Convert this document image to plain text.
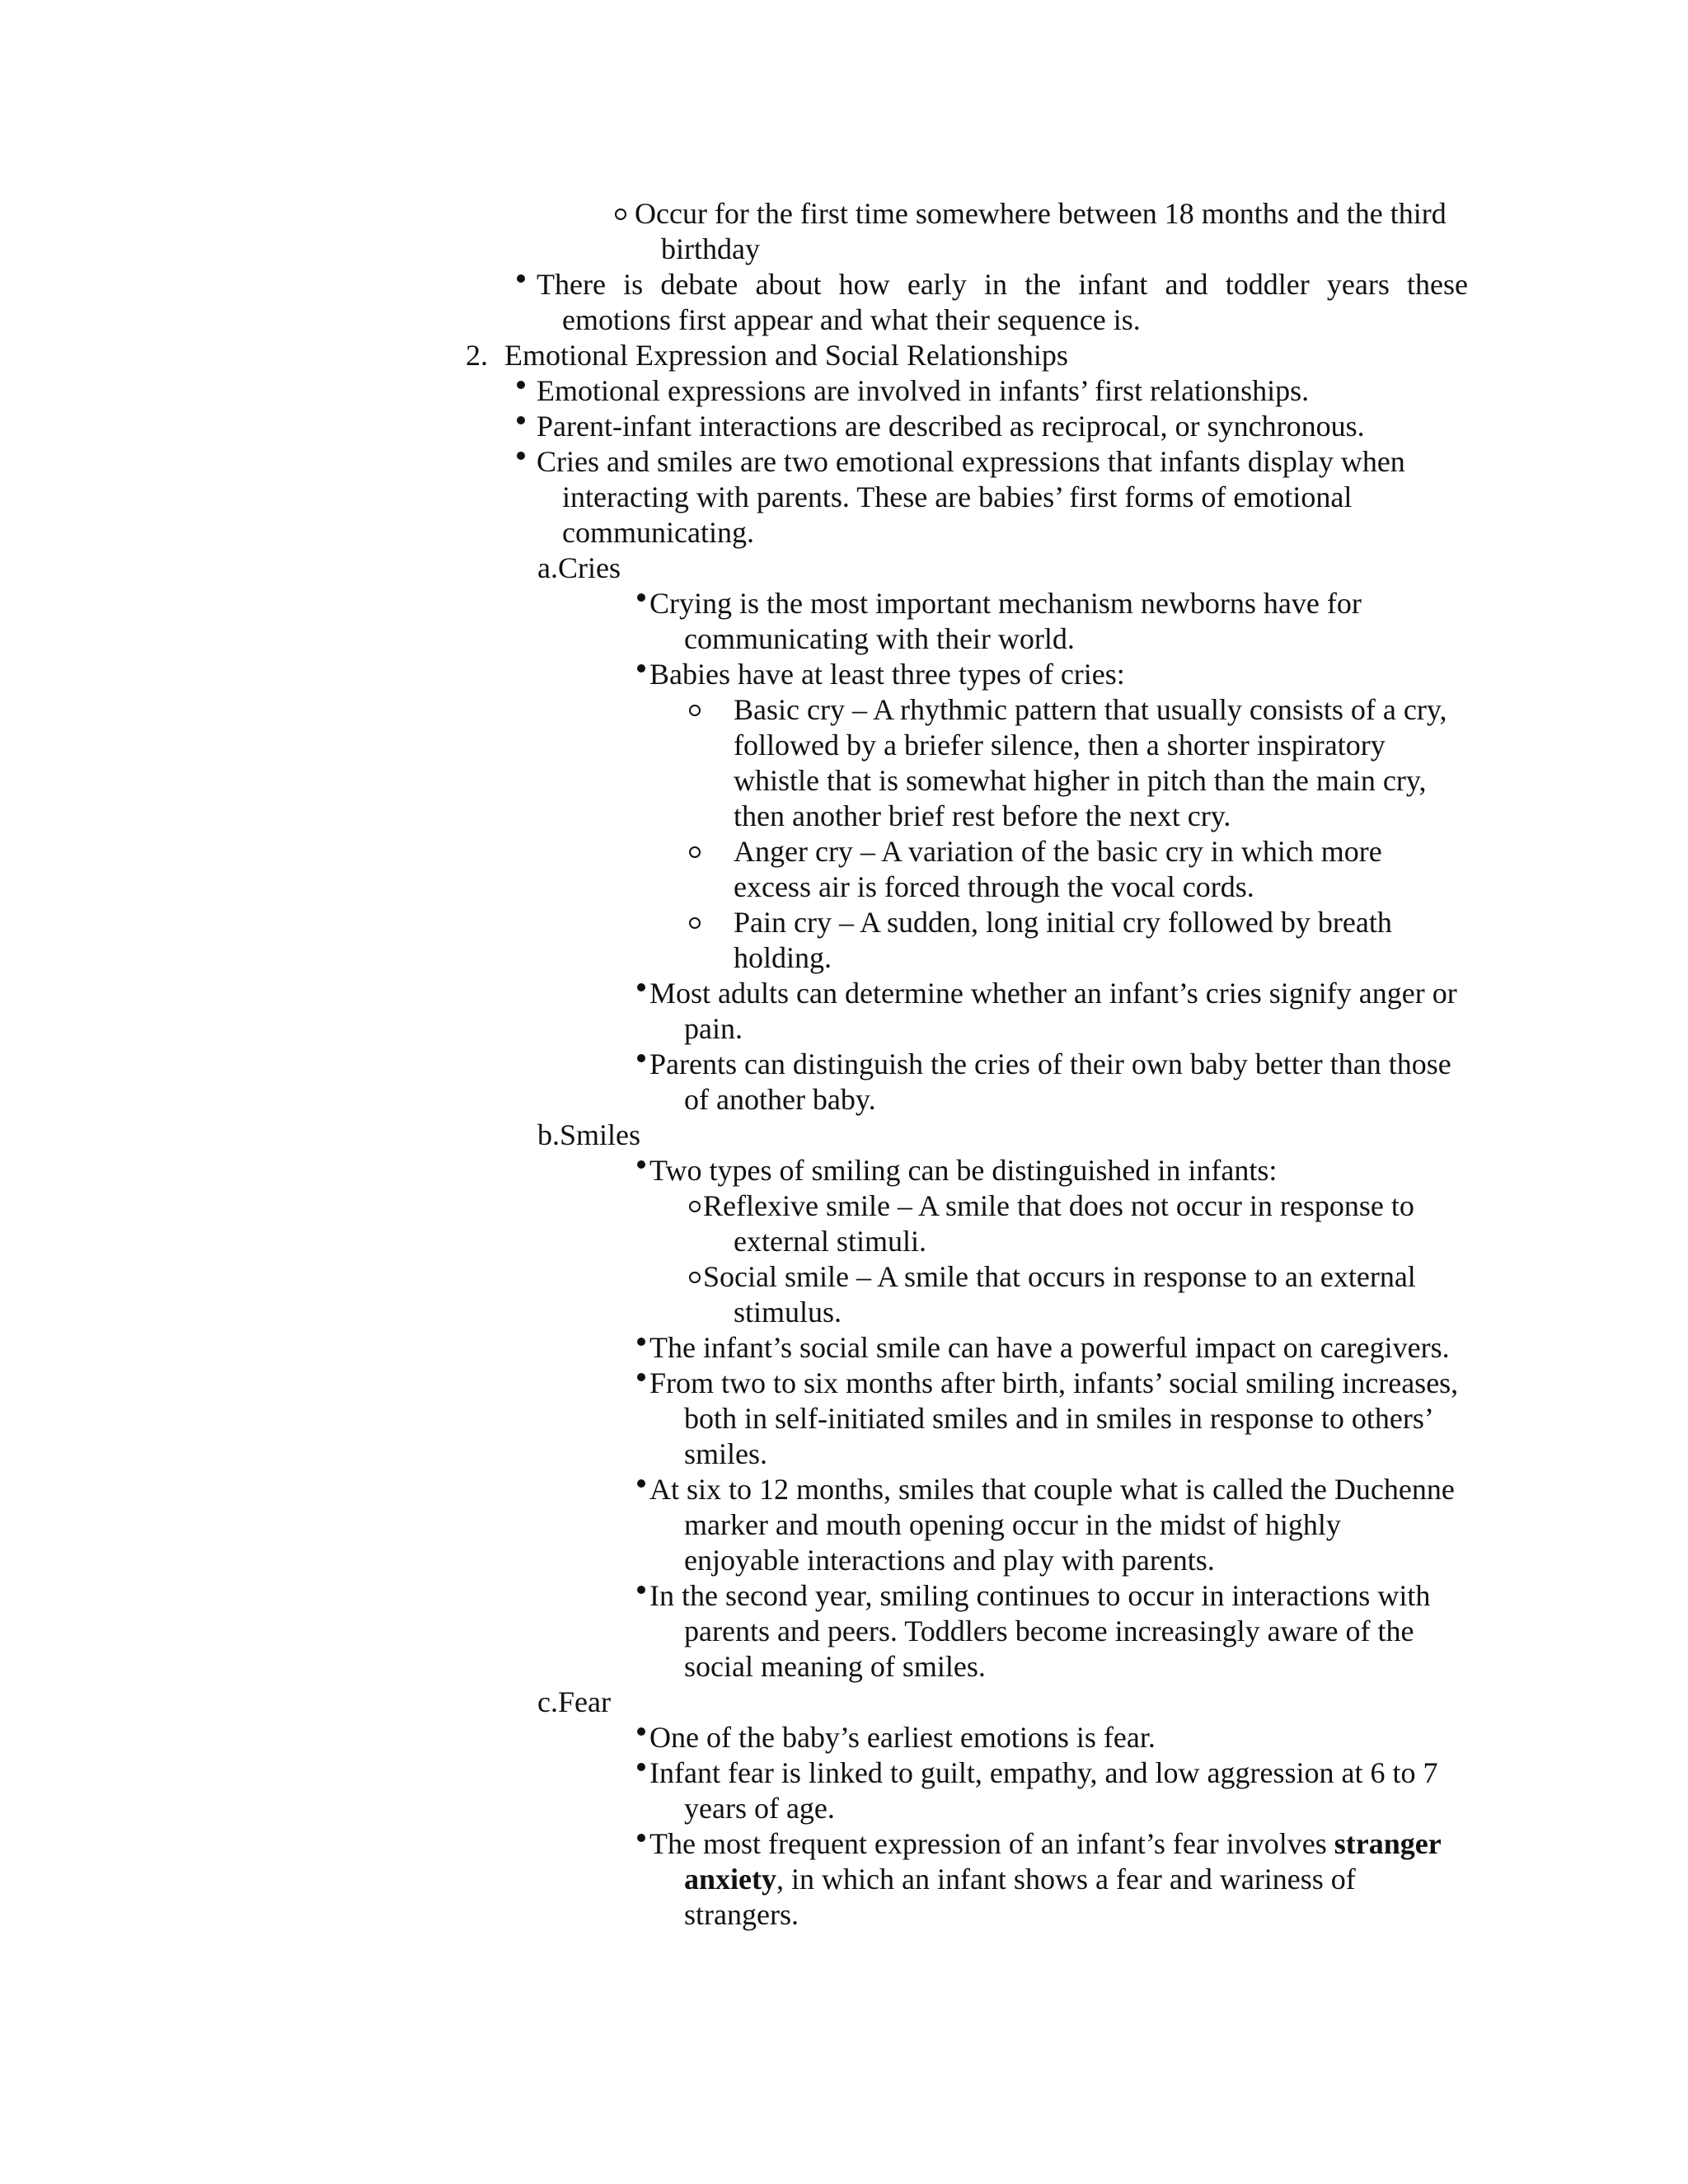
Occur for the first time somewhere between 18 months and the third
birthday
There is debate about how early in the infant and toddler years these
emotions first appear and what their sequence is.
2. Emotional Expression and Social Relationships
Emotional expressions are involved in infants’ first relationships.
Parent-infant interactions are described as reciprocal, or synchronous.
Cries and smiles are two emotional expressions that infants display when
interacting with parents. These are babies’ first forms of emotional
communicating.
a.Cries
Crying is the most important mechanism newborns have for
communicating with their world.
Babies have at least three types of cries:
Basic cry – A rhythmic pattern that usually consists of a cry,
followed by a briefer silence, then a shorter inspiratory
whistle that is somewhat higher in pitch than the main cry,
then another brief rest before the next cry.
Anger cry – A variation of the basic cry in which more
excess air is forced through the vocal cords.
Pain cry – A sudden, long initial cry followed by breath
holding.
Most adults can determine whether an infant’s cries signify anger or
pain.
Parents can distinguish the cries of their own baby better than those
of another baby.
b.Smiles
Two types of smiling can be distinguished in infants:
Reflexive smile – A smile that does not occur in response to
external stimuli.
Social smile – A smile that occurs in response to an external
stimulus.
The infant’s social smile can have a powerful impact on caregivers.
From two to six months after birth, infants’ social smiling increases,
both in self-initiated smiles and in smiles in response to others’
smiles.
At six to 12 months, smiles that couple what is called the Duchenne
marker and mouth opening occur in the midst of highly
enjoyable interactions and play with parents.
In the second year, smiling continues to occur in interactions with
parents and peers. Toddlers become increasingly aware of the
social meaning of smiles.
c.Fear
One of the baby’s earliest emotions is fear.
Infant fear is linked to guilt, empathy, and low aggression at 6 to 7
years of age.
The most frequent expression of an infant’s fear involves stranger
anxiety, in which an infant shows a fear and wariness of
strangers.
